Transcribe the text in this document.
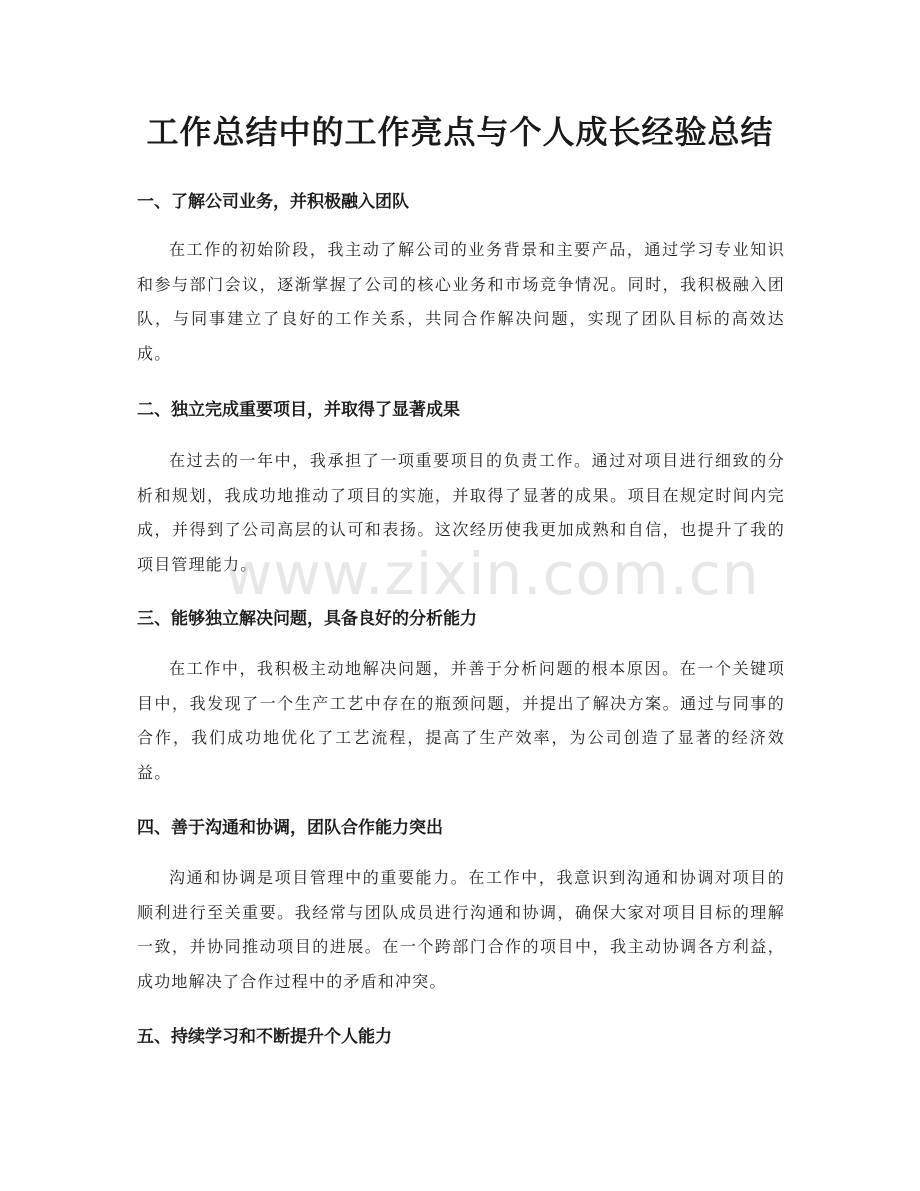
工作总结中的工作亮点与个人成长经验总结
一、了解公司业务，并积极融入团队

在工作的初始阶段，我主动了解公司的业务背景和主要产品，通过学习专业知识和参与部门会议，逐渐掌握了公司的核心业务和市场竞争情况。同时，我积极融入团队，与同事建立了良好的工作关系，共同合作解决问题，实现了团队目标的高效达成。

二、独立完成重要项目，并取得了显著成果

在过去的一年中，我承担了一项重要项目的负责工作。通过对项目进行细致的分析和规划，我成功地推动了项目的实施，并取得了显著的成果。项目在规定时间内完成，并得到了公司高层的认可和表扬。这次经历使我更加成熟和自信，也提升了我的项目管理能力。

三、能够独立解决问题，具备良好的分析能力

在工作中，我积极主动地解决问题，并善于分析问题的根本原因。在一个关键项目中，我发现了一个生产工艺中存在的瓶颈问题，并提出了解决方案。通过与同事的合作，我们成功地优化了工艺流程，提高了生产效率，为公司创造了显著的经济效益。

四、善于沟通和协调，团队合作能力突出

沟通和协调是项目管理中的重要能力。在工作中，我意识到沟通和协调对项目的顺利进行至关重要。我经常与团队成员进行沟通和协调，确保大家对项目目标的理解一致，并协同推动项目的进展。在一个跨部门合作的项目中，我主动协调各方利益，成功地解决了合作过程中的矛盾和冲突。

五、持续学习和不断提升个人能力
www.zixin.com.cn
